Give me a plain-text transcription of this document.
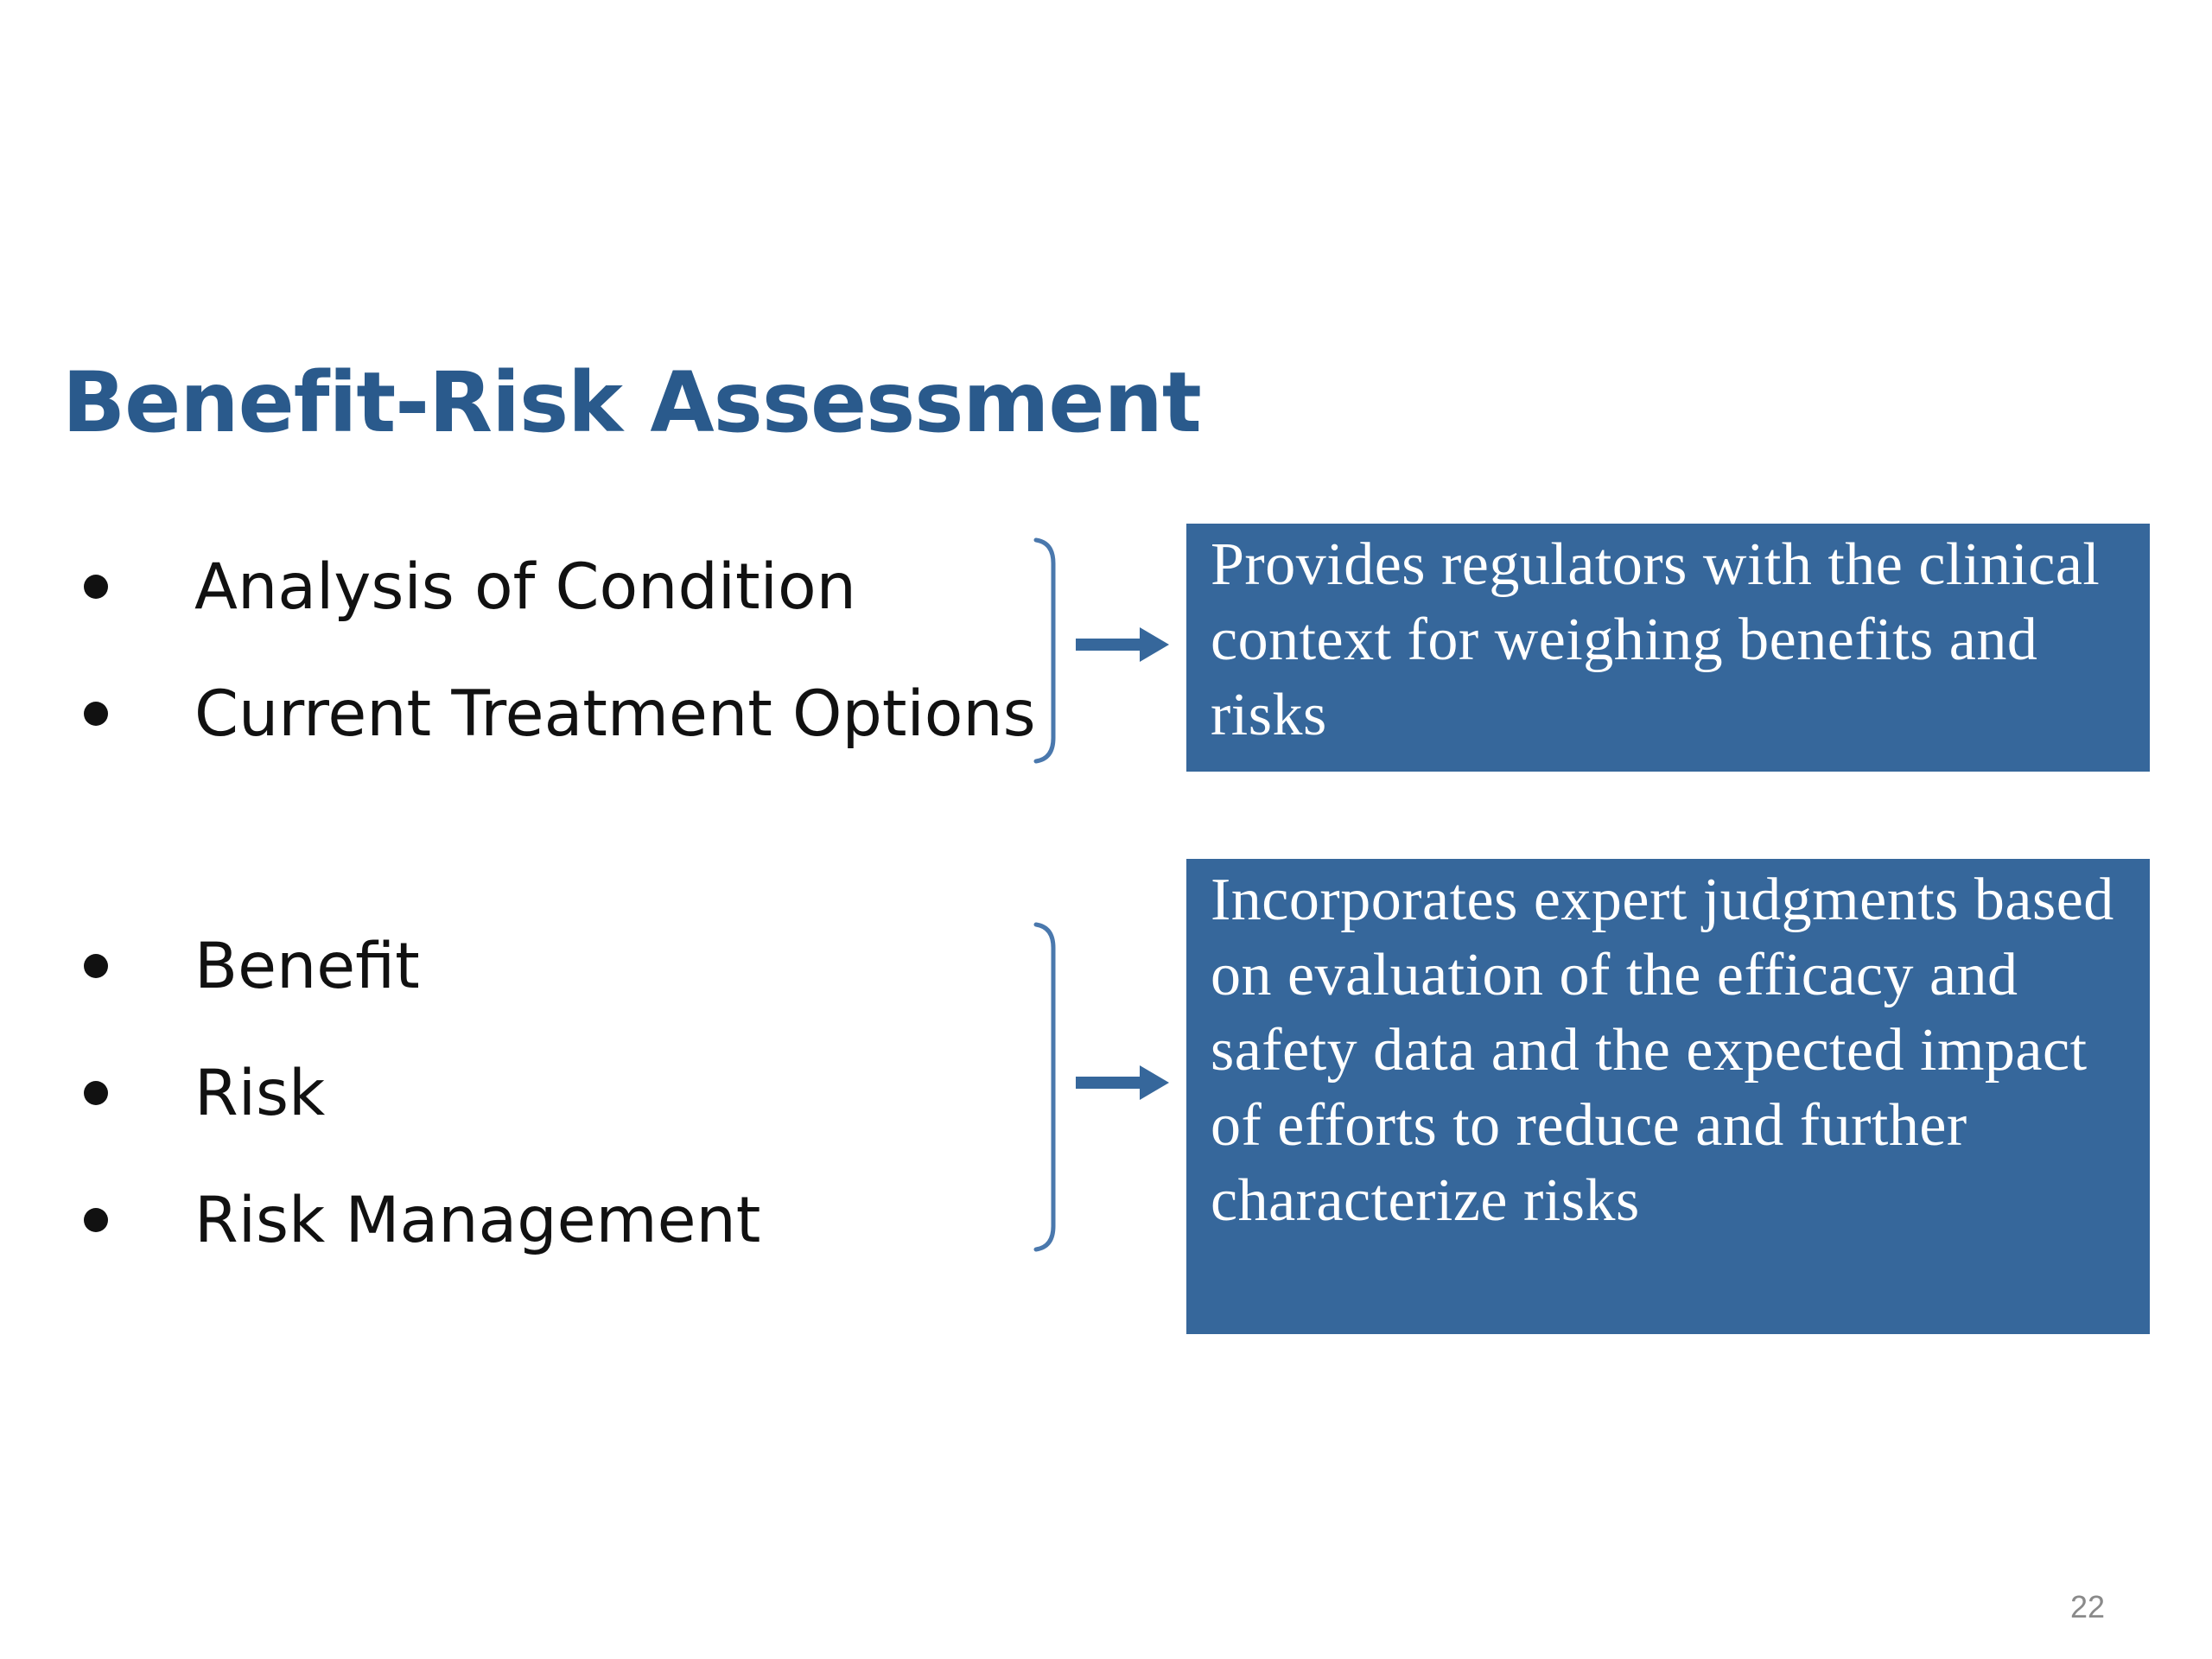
Benefit-Risk Assessment
Analysis of Condition
Current Treatment Options
Provides regulators with the clinical context for weighing benefits and risks
Benefit
Risk
Risk Management
Incorporates expert judgments based on evaluation of the efficacy and safety data and the expected impact of efforts to reduce and further characterize risks
22
